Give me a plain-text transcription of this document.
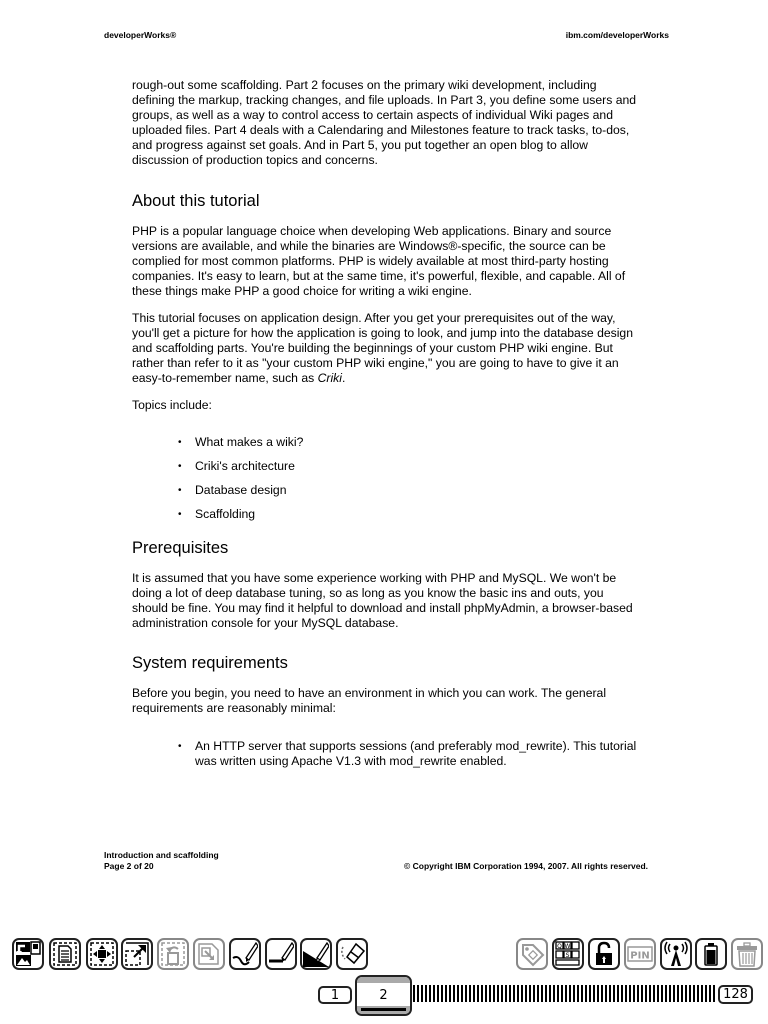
developerWorks®	ibm.com/developerWorks

rough-out some scaffolding. Part 2 focuses on the primary wiki development, including defining the markup, tracking changes, and file uploads. In Part 3, you define some users and groups, as well as a way to control access to certain aspects of individual Wiki pages and uploaded files. Part 4 deals with a Calendaring and Milestones feature to track tasks, to-dos, and progress against set goals. And in Part 5, you put together an open blog to allow discussion of production topics and concerns.

About this tutorial

PHP is a popular language choice when developing Web applications. Binary and source versions are available, and while the binaries are Windows®-specific, the source can be complied for most common platforms. PHP is widely available at most third-party hosting companies. It's easy to learn, but at the same time, it's powerful, flexible, and capable. All of these things make PHP a good choice for writing a wiki engine.

This tutorial focuses on application design. After you get your prerequisites out of the way, you'll get a picture for how the application is going to look, and jump into the database design and scaffolding parts. You're building the beginnings of your custom PHP wiki engine. But rather than refer to it as "your custom PHP wiki engine," you are going to have to give it an easy-to-remember name, such as Criki.

Topics include:

• What makes a wiki?
• Criki's architecture
• Database design
• Scaffolding
Prerequisites

It is assumed that you have some experience working with PHP and MySQL. We won't be doing a lot of deep database tuning, so as long as you know the basic ins and outs, you should be fine. You may find it helpful to download and install phpMyAdmin, a browser-based administration console for your MySQL database.

System requirements

Before you begin, you need to have an environment in which you can work. The general requirements are reasonably minimal:

• An HTTP server that supports sessions (and preferably mod_rewrite). This tutorial was written using Apache V1.3 with mod_rewrite enabled.
Introduction and scaffolding
Page 2 of 20	© Copyright IBM Corporation 1994, 2007. All rights reserved.
S
W
Q
PIN
1	2	128
